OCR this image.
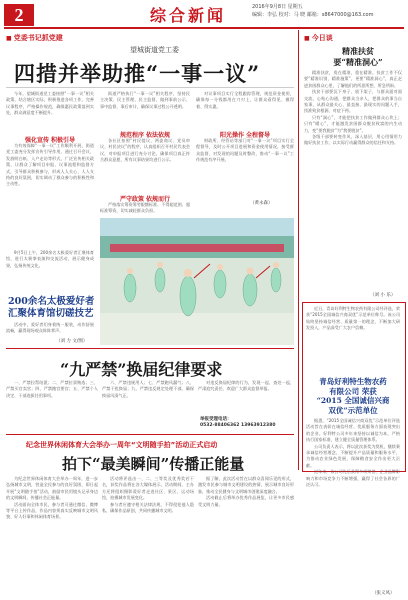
2	综合新闻	2016年9月8日 星期五
编辑：李弘 校对：马 晓 邮箱：s8647000@163.com
■ 党委书记抓党建
望城街道党工委
四措并举助推“一事一议”

今年，望城街道党工委按照“一事一议”相关政策，结合辖区实际，积极推进各项工作，完善议事程序，严格操作规范，确保惠民政策落到实处，群众满意度不断提升。

强化宣传 积极引导

为有效保障“一事一议”工作顺利开展，街道党工委充分发挥宣传引导作用，通过召开会议、发放明白纸、入户走访等形式，广泛宣传相关政策，让群众了解项目申报、议事流程和监督方式，引导群众积极参与，形成人人关心、人人支持的良好氛围，切实调动了群众参与的积极性和主动性。

街道严格执行“一事一议”相关程序，坚持民主决策、民主管理、民主监督，做到事前公示、事中监督、事后审计，确保议事过程公开透明。

规范程序 依法依规

各社区按照“村民提议、两委商议、党员审议、村民决议”的程序，认真组织召开村民代表会议，对申报项目进行充分讨论，确保项目真正符合群众意愿，所有议事结果均进行公示。

严守政策 依规而行

严格落实筹资筹劳限额标准，不得超范围、超标准筹资，切实减轻群众负担。

对议事项目实行全程跟踪管理，规范资金使用，确保每一分钱都用在刀刃上，让群众看得见、摸得着、得实惠。

阳光操作 全程督导

财政所、经管站等部门对“一事一议”项目实行全程督导，及时公开项目进展和资金使用情况，接受群众监督，对发现的问题及时整改，推动“一事一议”工作规范有序开展。

（黄永森）

9月5日上午，200余名太极爱好者汇聚体育馆，进行太极拳表演和交流活动，展示健身成果，弘扬传统文化。

200余名太极爱好者汇聚体育馆切磋技艺

活动中，爱好者们身着统一服装，动作舒展流畅，赢得现场观众阵阵掌声。

（刘 力 文/图）
“九严禁”换届纪律要求

一、严禁拉帮结派；二、严禁拉票贿选；三、严禁买官卖官；四、严禁跑官要官；五、严禁个人决定、干部选拔任用事项。

六、严禁违规用人；七、严禁跑风漏气；八、严禁干扰换届；九、严禁违反规定处理干部，确保换届风清气正。

对违反换届纪律的行为，发现一起、查处一起，严肃追究责任，欢迎广大群众监督举报。

举报受理电话：
0532-88406362 13963912380
纪念世界休闲体育大会举办一周年“文明随手拍”活动正式启动
拍下“最美瞬间”传播正能量

为纪念世界休闲体育大会举办一周年，进一步弘扬城市文明，营造全民参与的良好氛围，即日起开展“文明随手拍”活动，鼓励市民用镜头记录身边的文明瞬间，传播社会正能量。

活动面向全体市民，参与者可通过微信、微博等平台上传作品，作品内容须真实反映城市文明风貌、好人好事和休闲体育场景。

活动将评选出一、二、三等奖及优秀奖若干名，获奖作品将在各大媒体展示。活动期间，主办方还将组织摄影爱好者走进社区、景区、运动场馆，拍摄城市发展变化。

参与者应遵守相关法律法规，不得侵犯他人隐私，确保作品原创，共同传播城市文明。

据了解，此次活动旨在以群众喜闻乐见的形式，激发市民参与城市文明建设的热情，展示城市良好形象，推动全民健身与文明城市创建深度融合。

活动截止后将举办优秀作品展览，让更多市民感受文明力量。

■ 今日谈
精准扶贫
要“精准洞心”

精准扶贫，贵在精准，重在精准。扶贫工作不仅要“精准识别、精准施策”，更要“精准洞心”，真正走进贫困群众心里，了解他们的所思所想、所急所盼。

扶贫干部要沉下身子、放下架子，与群众面对面交流、心贴心沟通，把群众当亲人，把群众的事当自家事，从群众最关心、最直接、最现实的问题入手，找准致贫根源，对症下药。

只有“洞心”，才能把扶贫工作做到群众心坎上；只有“暖心”，才能激发贫困群众脱贫致富的内生动力，变“要我脱贫”为“我要脱贫”。

各级干部要转变作风，深入基层，用心用情用力做好扶贫工作，以实际行动赢得群众的信任和支持。

（刘 小 乐）

近日，青岛好利特生物农药有限公司经评选，荣获“2015全国诚信兴商双优”示范单位称号。该公司始终坚持诚信经营、质量第一的理念，不断加大研发投入，产品深受广大农户信赖。

青岛好利特生物农药
有限公司 荣获
“2015 全国诚信兴商
双优”示范单位

据悉，“2015全国诚信兴商双优”示范单位评选活动旨在表彰在诚信经营、优质服务方面表现突出的企业。好利特公司多年来坚持以诚信为本，严格执行国家标准，建立健全质量管理体系。

公司负责人表示，将以此次获奖为契机，继续秉承诚信经营理念，不断提升产品质量和服务水平，为推动农业绿色发展、保障粮食安全作出更大贡献。

近年来，该公司先后获得多项荣誉，企业品牌影响力和市场竞争力不断增强，赢得了社会各界的广泛认可。

（张义凤）
